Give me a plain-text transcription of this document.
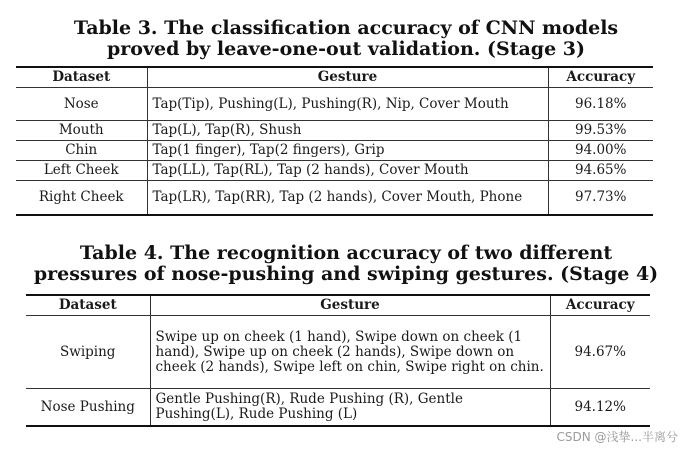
Table 3. The classification accuracy of CNN models
proved by leave-one-out validation. (Stage 3)
Dataset	Gesture	Accuracy
Nose	Tap(Tip), Pushing(L), Pushing(R), Nip, Cover Mouth	96.18%
Mouth	Tap(L), Tap(R), Shush	99.53%
Chin	Tap(1 finger), Tap(2 fingers), Grip	94.00%
Left Cheek	Tap(LL), Tap(RL), Tap (2 hands), Cover Mouth	94.65%
Right Cheek	Tap(LR), Tap(RR), Tap (2 hands), Cover Mouth, Phone	97.73%
Table 4. The recognition accuracy of two different
pressures of nose-pushing and swiping gestures. (Stage 4)
Dataset	Gesture	Accuracy
Swiping	Swipe up on cheek (1 hand), Swipe down on cheek (1 hand), Swipe up on cheek (2 hands), Swipe down on cheek (2 hands), Swipe left on chin, Swipe right on chin.	94.67%
Nose Pushing	Gentle Pushing(R), Rude Pushing (R), Gentle Pushing(L), Rude Pushing (L)	94.12%
CSDN @浅挚...半离兮
